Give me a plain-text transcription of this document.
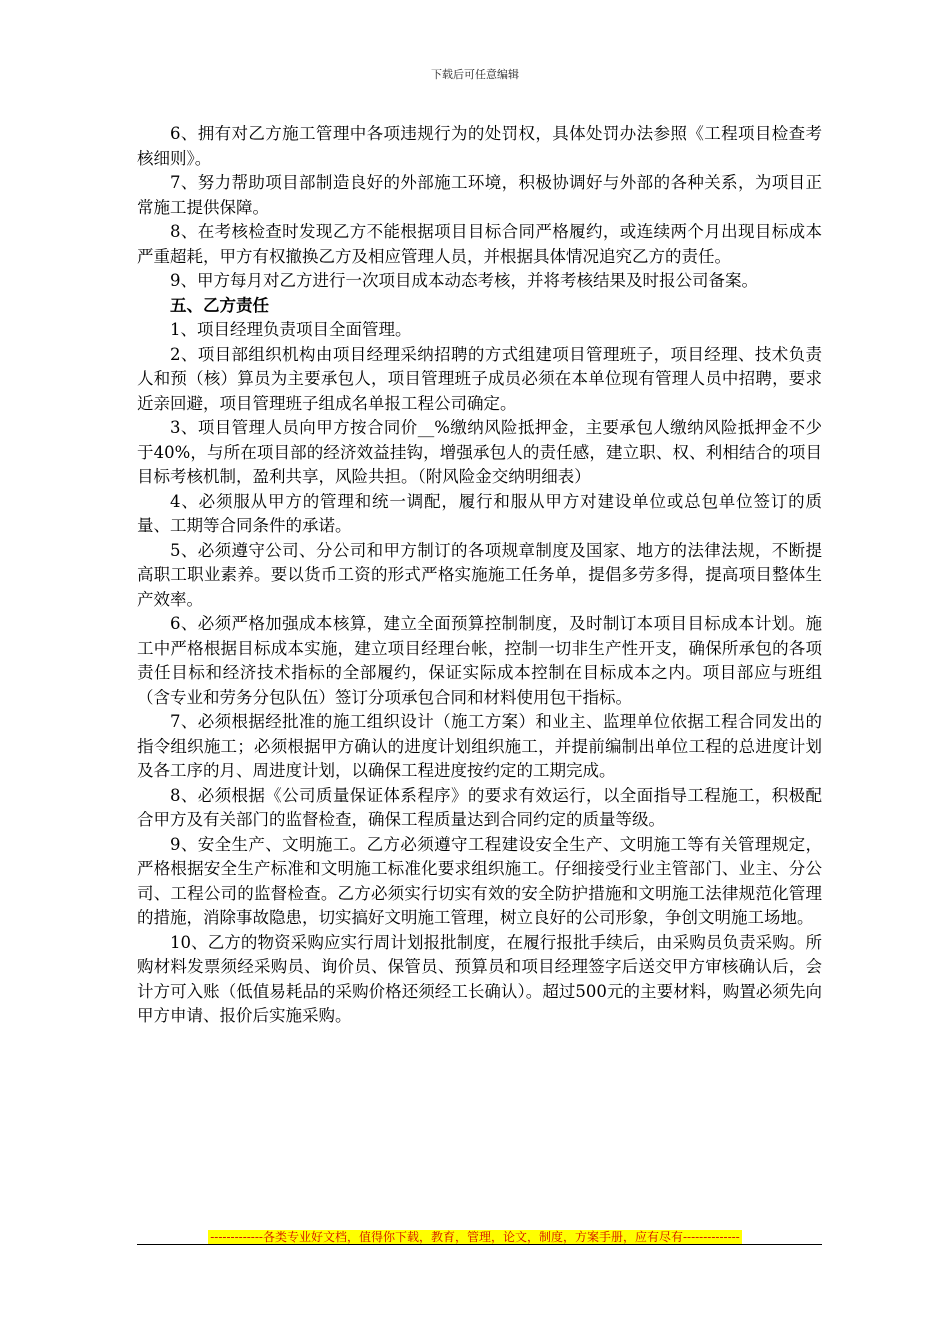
下载后可任意编辑

6、拥有对乙方施工管理中各项违规行为的处罚权，具体处罚办法参照《工程项目检查考核细则》。

7、努力帮助项目部制造良好的外部施工环境，积极协调好与外部的各种关系，为项目正常施工提供保障。

8、在考核检查时发现乙方不能根据项目目标合同严格履约，或连续两个月出现目标成本严重超耗，甲方有权撤换乙方及相应管理人员，并根据具体情况追究乙方的责任。

9、甲方每月对乙方进行一次项目成本动态考核，并将考核结果及时报公司备案。

五、乙方责任

1、项目经理负责项目全面管理。

2、项目部组织机构由项目经理采纳招聘的方式组建项目管理班子，项目经理、技术负责人和预（核）算员为主要承包人，项目管理班子成员必须在本单位现有管理人员中招聘，要求近亲回避，项目管理班子组成名单报工程公司确定。

3、项目管理人员向甲方按合同价__%缴纳风险抵押金，主要承包人缴纳风险抵押金不少于40%，与所在项目部的经济效益挂钩，增强承包人的责任感，建立职、权、利相结合的项目目标考核机制，盈利共享，风险共担。（附风险金交纳明细表）

4、必须服从甲方的管理和统一调配，履行和服从甲方对建设单位或总包单位签订的质量、工期等合同条件的承诺。

5、必须遵守公司、分公司和甲方制订的各项规章制度及国家、地方的法律法规，不断提高职工职业素养。要以货币工资的形式严格实施施工任务单，提倡多劳多得，提高项目整体生产效率。

6、必须严格加强成本核算，建立全面预算控制制度，及时制订本项目目标成本计划。施工中严格根据目标成本实施，建立项目经理台帐，控制一切非生产性开支，确保所承包的各项责任目标和经济技术指标的全部履约，保证实际成本控制在目标成本之内。项目部应与班组（含专业和劳务分包队伍）签订分项承包合同和材料使用包干指标。

7、必须根据经批准的施工组织设计（施工方案）和业主、监理单位依据工程合同发出的指令组织施工；必须根据甲方确认的进度计划组织施工，并提前编制出单位工程的总进度计划及各工序的月、周进度计划，以确保工程进度按约定的工期完成。

8、必须根据《公司质量保证体系程序》的要求有效运行，以全面指导工程施工，积极配合甲方及有关部门的监督检查，确保工程质量达到合同约定的质量等级。

9、安全生产、文明施工。乙方必须遵守工程建设安全生产、文明施工等有关管理规定，严格根据安全生产标准和文明施工标准化要求组织施工。仔细接受行业主管部门、业主、分公司、工程公司的监督检查。乙方必须实行切实有效的安全防护措施和文明施工法律规范化管理的措施，消除事故隐患，切实搞好文明施工管理，树立良好的公司形象，争创文明施工场地。

10、乙方的物资采购应实行周计划报批制度，在履行报批手续后，由采购员负责采购。所购材料发票须经采购员、询价员、保管员、预算员和项目经理签字后送交甲方审核确认后，会计方可入账（低值易耗品的采购价格还须经工长确认）。超过500元的主要材料，购置必须先向甲方申请、报价后实施采购。

-------------各类专业好文档，值得你下载，教育，管理，论文，制度，方案手册，应有尽有--------------
